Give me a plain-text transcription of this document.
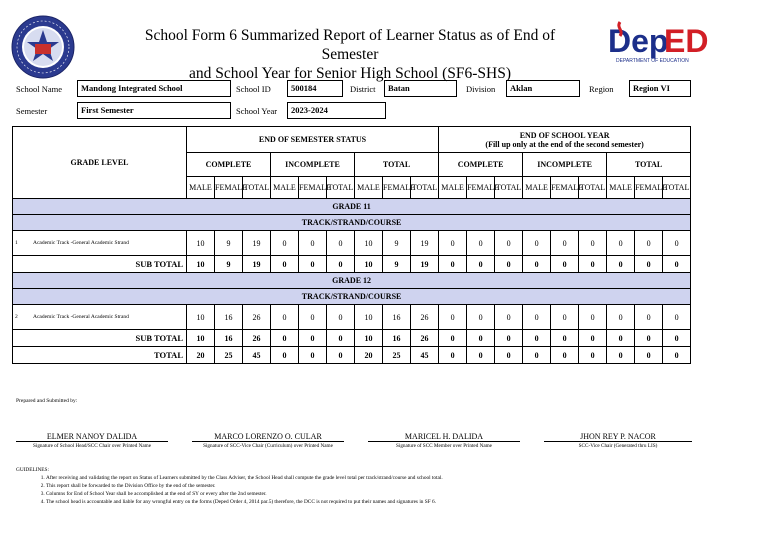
School Form 6 Summarized Report of Learner Status as of End of Semester
and School Year for Senior High School (SF6-SHS)
Dep
ED
DEPARTMENT OF EDUCATION
School Name	Mandong Integrated School	School ID	500184	District	Batan	Division	Aklan	Region	Region VI
Semester	First Semester	School Year	2023-2024
GRADE LEVEL	END OF SEMESTER STATUS									END OF SCHOOL YEAR
(Fill up only at the end of the second semester)								

	COMPLETE			INCOMPLETE			TOTAL			COMPLETE			INCOMPLETE			TOTAL		
	MALE	FEMALE	TOTAL	MALE	FEMALE	TOTAL	MALE	FEMALE	TOTAL	MALE	FEMALE	TOTAL	MALE	FEMALE	TOTAL	MALE	FEMALE	TOTAL
GRADE 11																		
TRACK/STRAND/COURSE																		

1 Academic Track -General Academic Strand	10	9	19	0	0	0	10	9	19	0	0	0	0	0	0	0	0	0
SUB TOTAL	10	9	19	0	0	0	10	9	19	0	0	0	0	0	0	0	0	0
GRADE 12																		
TRACK/STRAND/COURSE																		

2 Academic Track -General Academic Strand	10	16	26	0	0	0	10	16	26	0	0	0	0	0	0	0	0	0
SUB TOTAL	10	16	26	0	0	0	10	16	26	0	0	0	0	0	0	0	0	0
TOTAL	20	25	45	0	0	0	20	25	45	0	0	0	0	0	0	0	0	0
Prepared and Submitted by:
ELMER NANOY DALIDA
Signature of School Head/SCC Chair over Printed Name
MARCO LORENZO O. CULAR
Signature of SCC-Vice Chair (Curriculum) over Printed Name
MARICEL H. DALIDA
Signature of SCC Member over Printed Name
JHON REY P. NACOR
SCC-Vice Chair (Generated thru LIS)
GUIDELINES:
1. After receiving and validating the report on Status of Learners submitted by the Class Adviser, the School Head shall compute the grade level total per track/strand/course and school total.
2. This report shall be forwarded to the Division Office by the end of the semester.
3. Columns for End of School Year shall be accomplished at the end of SY or every after the 2nd semester.
4. The school head is accountable and liable for any wrongful entry on the forms (Deped Order 4, 2014 par.5) therefore, the DCC is not required to put their names and signatures in SF 6.
